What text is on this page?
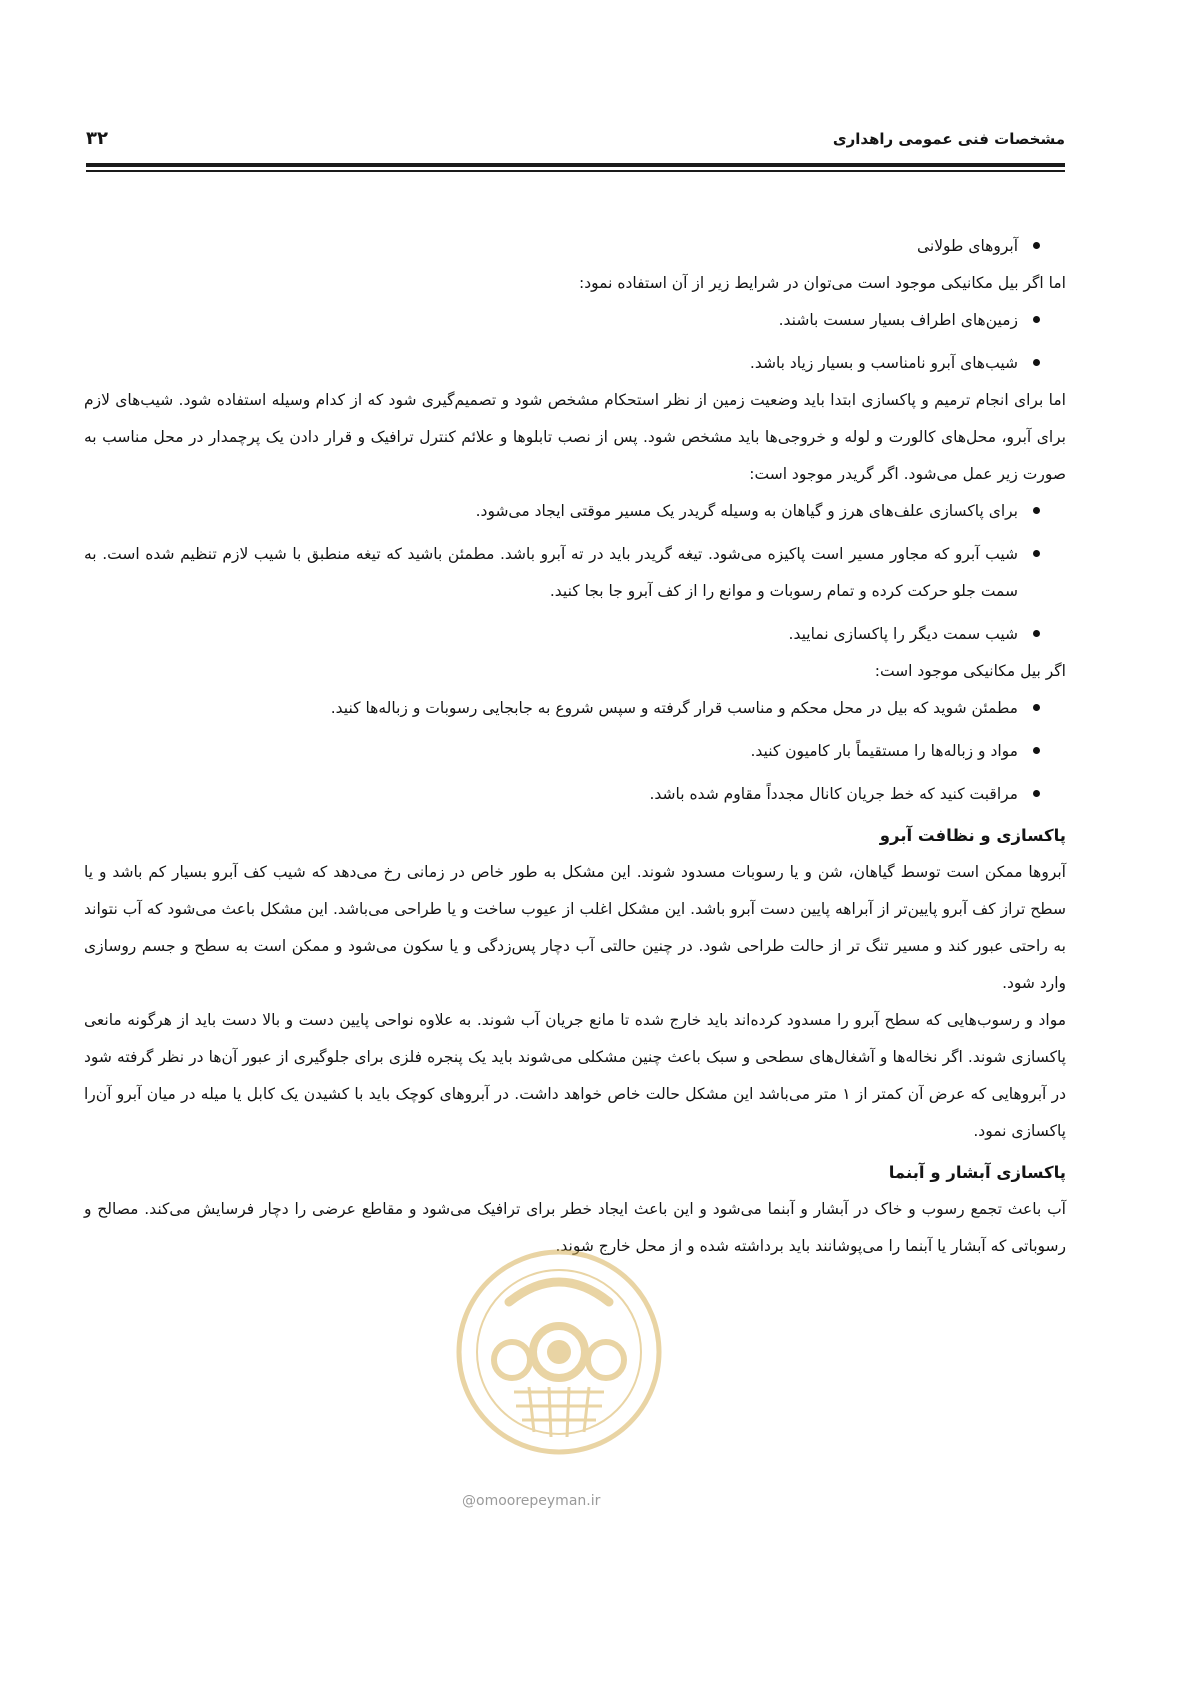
مشخصات فنی عمومی راهداری
۳۲
آبروهای طولانی

اما اگر بیل مکانیکی موجود است می‌توان در شرایط زیر از آن استفاده نمود:

زمین‌های اطراف بسیار سست باشند.
شیب‌های آبرو نامناسب و بسیار زیاد باشد.

اما برای انجام ترمیم و پاکسازی ابتدا باید وضعیت زمین از نظر استحکام مشخص شود و تصمیم‌گیری شود که از کدام وسیله استفاده شود. شیب‌های لازم برای آبرو، محل‌های کالورت و لوله و خروجی‌ها باید مشخص شود. پس از نصب تابلوها و علائم کنترل ترافیک و قرار دادن یک پرچمدار در محل مناسب به صورت زیر عمل می‌شود. اگر گریدر موجود است:

برای پاکسازی علف‌های هرز و گیاهان به وسیله گریدر یک مسیر موقتی ایجاد می‌شود.
شیب آبرو که مجاور مسیر است پاکیزه می‌شود. تیغه گریدر باید در ته آبرو باشد. مطمئن باشید که تیغه منطبق با شیب لازم تنظیم شده است. به سمت جلو حرکت کرده و تمام رسوبات و موانع را از کف آبرو جا بجا کنید.
شیب سمت دیگر را پاکسازی نمایید.

اگر بیل مکانیکی موجود است:

مطمئن شوید که بیل در محل محکم و مناسب قرار گرفته و سپس شروع به جابجایی رسوبات و زباله‌ها کنید.
مواد و زباله‌ها را مستقیماً بار کامیون کنید.
مراقبت کنید که خط جریان کانال مجدداً مقاوم شده باشد.

پاکسازی و نظافت آبرو

آبروها ممکن است توسط گیاهان، شن و یا رسوبات مسدود شوند. این مشکل به طور خاص در زمانی رخ می‌دهد که شیب کف آبرو بسیار کم باشد و یا سطح تراز کف آبرو پایین‌تر از آبراهه پایین دست آبرو باشد. این مشکل اغلب از عیوب ساخت و یا طراحی می‌باشد. این مشکل باعث می‌شود که آب نتواند به راحتی عبور کند و مسیر تنگ تر از حالت طراحی شود. در چنین حالتی آب دچار پس‌زدگی و یا سکون می‌شود و ممکن است به سطح و جسم روسازی وارد شود.

مواد و رسوب‌هایی که سطح آبرو را مسدود کرده‌اند باید خارج شده تا مانع جریان آب شوند. به علاوه نواحی پایین دست و بالا دست باید از هرگونه مانعی پاکسازی شوند. اگر نخاله‌ها و آشغال‌های سطحی و سبک باعث چنین مشکلی می‌شوند باید یک پنجره فلزی برای جلوگیری از عبور آن‌ها در نظر گرفته شود در آبروهایی که عرض آن کمتر از ۱ متر می‌باشد این مشکل حالت خاص خواهد داشت. در آبروهای کوچک باید با کشیدن یک کابل یا میله در میان آبرو آن‌را پاکسازی نمود.

پاکسازی آبشار و آبنما

آب باعث تجمع رسوب و خاک در آبشار و آبنما می‌شود و این باعث ایجاد خطر برای ترافیک می‌شود و مقاطع عرضی را دچار فرسایش می‌کند. مصالح و رسوباتی که آبشار یا آبنما را می‌پوشانند باید برداشته شده و از محل خارج شوند.

@omoorepeyman.ir
